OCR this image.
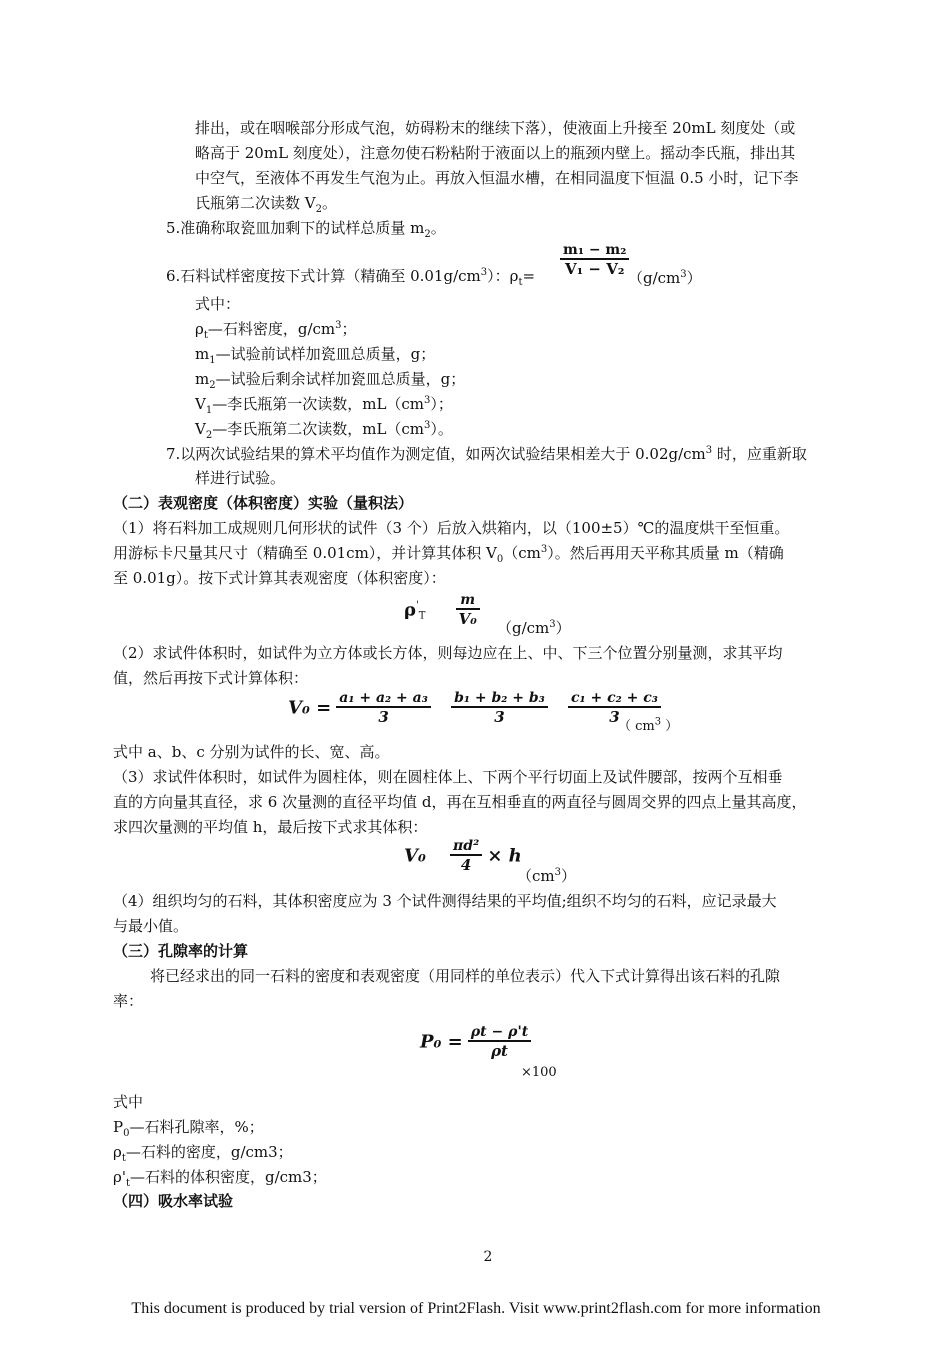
排出，或在咽喉部分形成气泡，妨碍粉末的继续下落），使液面上升接至 20mL 刻度处（或
略高于 20mL 刻度处），注意勿使石粉粘附于液面以上的瓶颈内壁上。摇动李氏瓶，排出其
中空气，至液体不再发生气泡为止。再放入恒温水槽，在相同温度下恒温 0.5 小时，记下李
氏瓶第二次读数 $V_2$。
5.准确称取瓷皿加剩下的试样总质量 $m_2$。
6.石料试样密度按下式计算（精确至 $0.01g/cm^3$）：$\rho_t= \frac{\text{m₁ − m₂}}{\text{V₁ − V₂}}$
$(g/cm^3)$
式中：
$\rho_t—$石料密度，$g/cm^3$；
$m_1—$试验前试样加瓷皿总质量，g；
$m_2—$试验后剩余试样加瓷皿总质量，g；
$V_1—$李氏瓶第一次读数，$mL(cm^3)$；
$V_2—$李氏瓶第二次读数，$mL(cm^3)$。
7.以两次试验结果的算术平均值作为测定值，如两次试验结果相差大于 $0.02g/cm^3$ 时，应重新取
样进行试验。
（二）表观密度（体积密度）实验（量积法）
（1）将石料加工成规则几何形状的试件（3 个）后放入烘箱内，以（100±5）℃的温度烘干至恒重。
用游标卡尺量其尺寸（精确至 0.01cm），并计算其体积 $V_0(cm^3)$。然后再用天平称其质量 m（精确
至 0.01g）。按下式计算其表观密度（体积密度）：
$\rho'_T \frac{m}{\text{V₀}} (g/cm^3)$
（2）求试件体积时，如试件为立方体或长方体，则每边应在上、中、下三个位置分别量测，求其平均
值，然后再按下式计算体积：
$V_0 = \frac{\text{a₁ + a₂ + a₃}}{3}$
$\frac{\text{b₁ + b₂ + b₃}}{3}$
$\frac{\text{c₁ + c₂ + c₃}}{3}$
（ $cm^3$ ）
式中 a、b、c 分别为试件的长、宽、高。
（3）求试件体积时，如试件为圆柱体，则在圆柱体上、下两个平行切面上及试件腰部，按两个互相垂
直的方向量其直径，求 6 次量测的直径平均值 d，再在互相垂直的两直径与圆周交界的四点上量其高度，
求四次量测的平均值 h，最后按下式求其体积：
$V_0 \frac{\text{πd²}}{4} \times h$
$(cm^3)$
（4）组织均匀的石料，其体积密度应为 3 个试件测得结果的平均值;组织不均匀的石料，应记录最大
与最小值。
（三）孔隙率的计算
将已经求出的同一石料的密度和表观密度（用同样的单位表示）代入下式计算得出该石料的孔隙
率：
$P_0 = \frac{\rho t - \rho't}{\rho t}$
×100
式中
$P_0—$石料孔隙率，%；
$\rho_t—$石料的密度，g/cm3；
$\rho'_t—$石料的体积密度，g/cm3；
（四）吸水率试验
2
This document is produced by trial version of Print2Flash. Visit www.print2flash.com for more information
